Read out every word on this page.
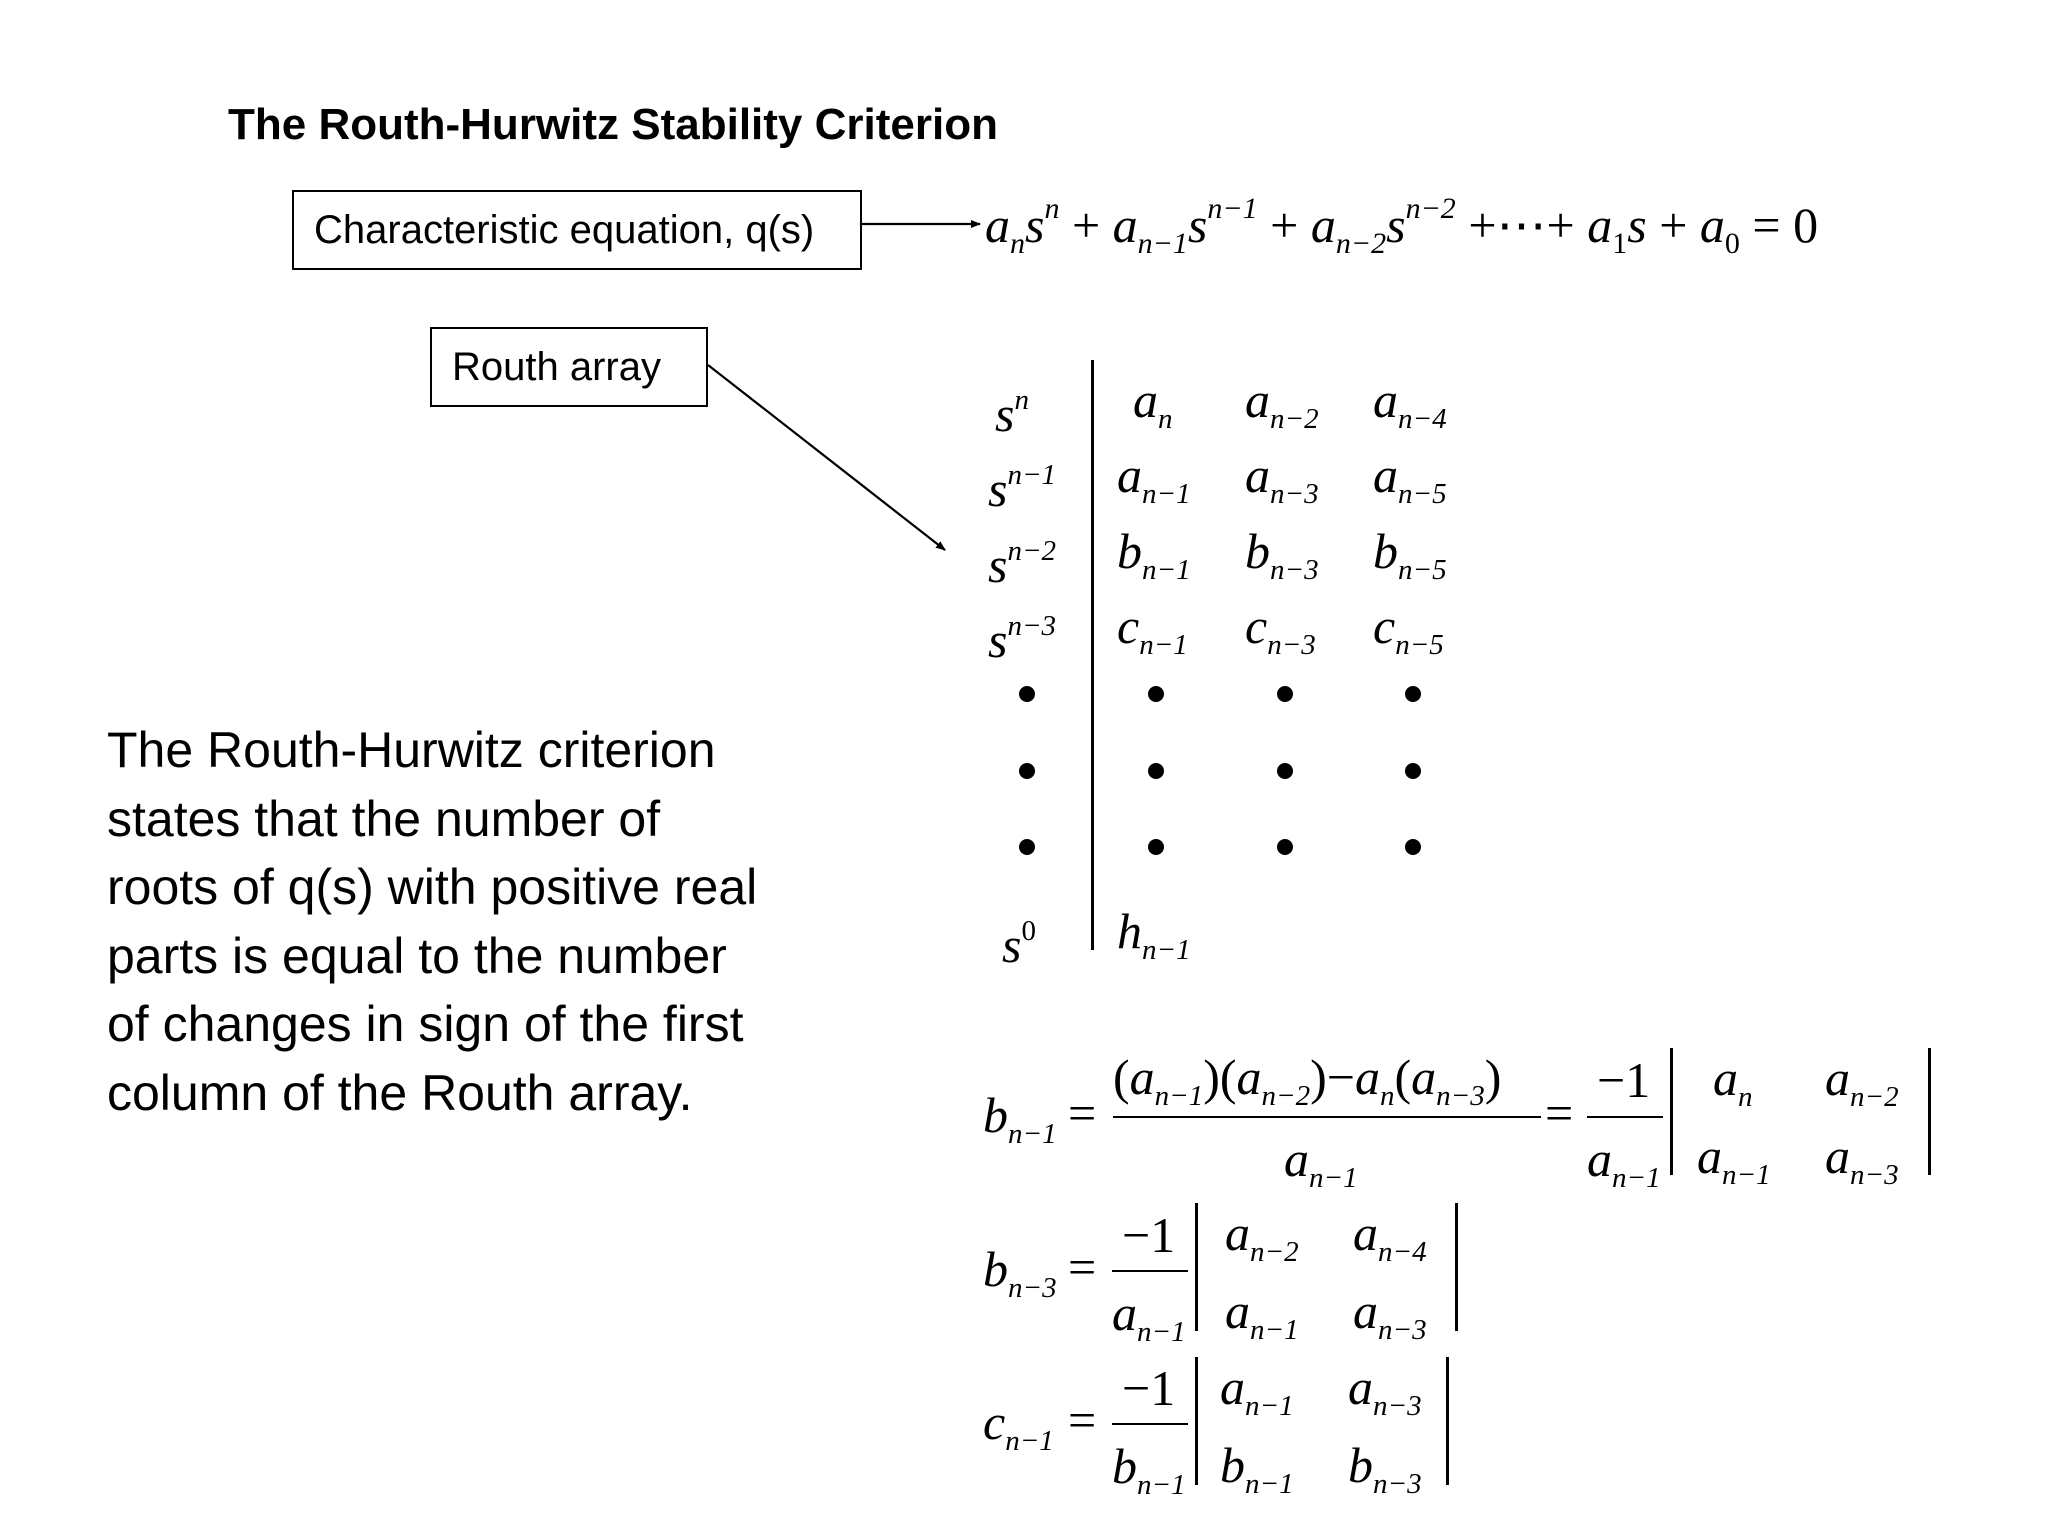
The Routh-Hurwitz Stability Criterion
Characteristic equation, q(s)
Routh array
$a_ns^n + a_{n-1}s^{n-1} + a_{n-2}s^{n-2}$ +⋯+ $a_1s + a_0 = 0$
$s^n$
$s^{n-1}$
$s^{n-2}$
$s^{n-3}$
$s^0$
$a_n$ $a_{n-2}$ $a_{n-4}$
$a_{n-1}$ $a_{n-3}$ $a_{n-5}$
$b_{n-1}$ $b_{n-3}$ $b_{n-5}$
$c_{n-1}$ $c_{n-3}$ $c_{n-5}$
$h_{n-1}$
The Routh-Hurwitz criterion
states that the number of
roots of q(s) with positive real
parts is equal to the number
of changes in sign of the first
column of the Routh array.	$b_{n-1}$ =
$(a_{n-1})(a_{n-2})-a_n(a_{n-3})$
$a_{n-1}$
=
−1
$a_{n-1}$
$a_n$ $a_{n-2}$
$a_{n-1}$ $a_{n-3}$
$b_{n-3}$ =
−1
$a_{n-1}$
$a_{n-2}$ $a_{n-4}$
$a_{n-1}$ $a_{n-3}$
$c_{n-1}$ =
−1
$b_{n-1}$
$a_{n-1}$ $a_{n-3}$
$b_{n-1}$ $b_{n-3}$
